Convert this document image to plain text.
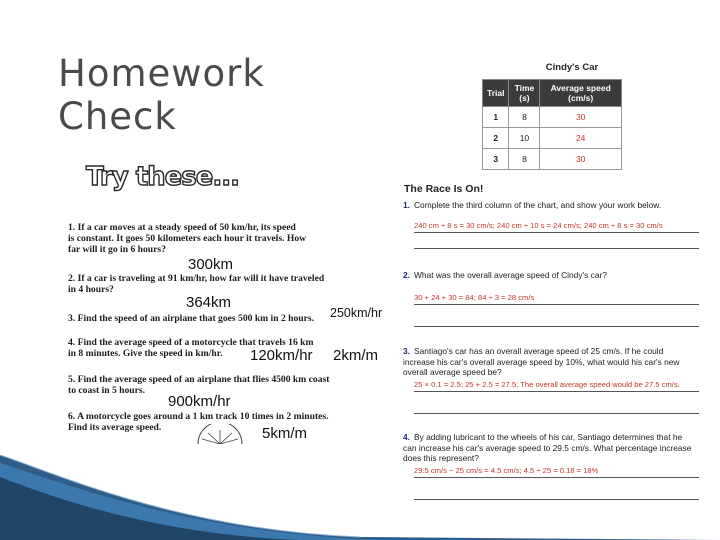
Homework
Check
Try these...
1. If a car moves at a steady speed of 50 km/hr, its speed
is constant. It goes 50 kilometers each hour it travels. How
far will it go in 6 hours?
300km
2. If a car is traveling at 91 km/hr, how far will it have traveled
in 4 hours?
364km
3. Find the speed of an airplane that goes 500 km in 2 hours. 250km/hr
4. Find the average speed of a motorcycle that travels 16 km
in 8 minutes. Give the speed in km/hr.	120km/hr 2km/m
5. Find the average speed of an airplane that flies 4500 km coast
to coast in 5 hours.
900km/hr
6. A motorcycle goes around a 1 km track 10 times in 2 minutes.
Find its average speed.	5km/m
Cindy's Car
Trial	Time (s)	Average speed (cm/s)
1	8	30
2	10	24
3	8	30
The Race Is On!
1. Complete the third column of the chart, and show your work below.
240 cm ÷ 8 s = 30 cm/s; 240 cm ÷ 10 s = 24 cm/s; 240 cm ÷ 8 s = 30 cm/s
2. What was the overall average speed of Cindy's car?
30 + 24 + 30 = 84; 84 ÷ 3 = 28 cm/s
3. Santiago's car has an overall average speed of 25 cm/s. If he could increase his car's overall average speed by 10%, what would his car's new overall average speed be?
25 × 0.1 = 2.5; 25 + 2.5 = 27.5; The overall average speed would be 27.5 cm/s.
4. By adding lubricant to the wheels of his car, Santiago determines that he can increase his car's average speed to 29.5 cm/s. What percentage increase does this represent?
29.5 cm/s − 25 cm/s = 4.5 cm/s; 4.5 ÷ 25 = 0.18 = 18%
